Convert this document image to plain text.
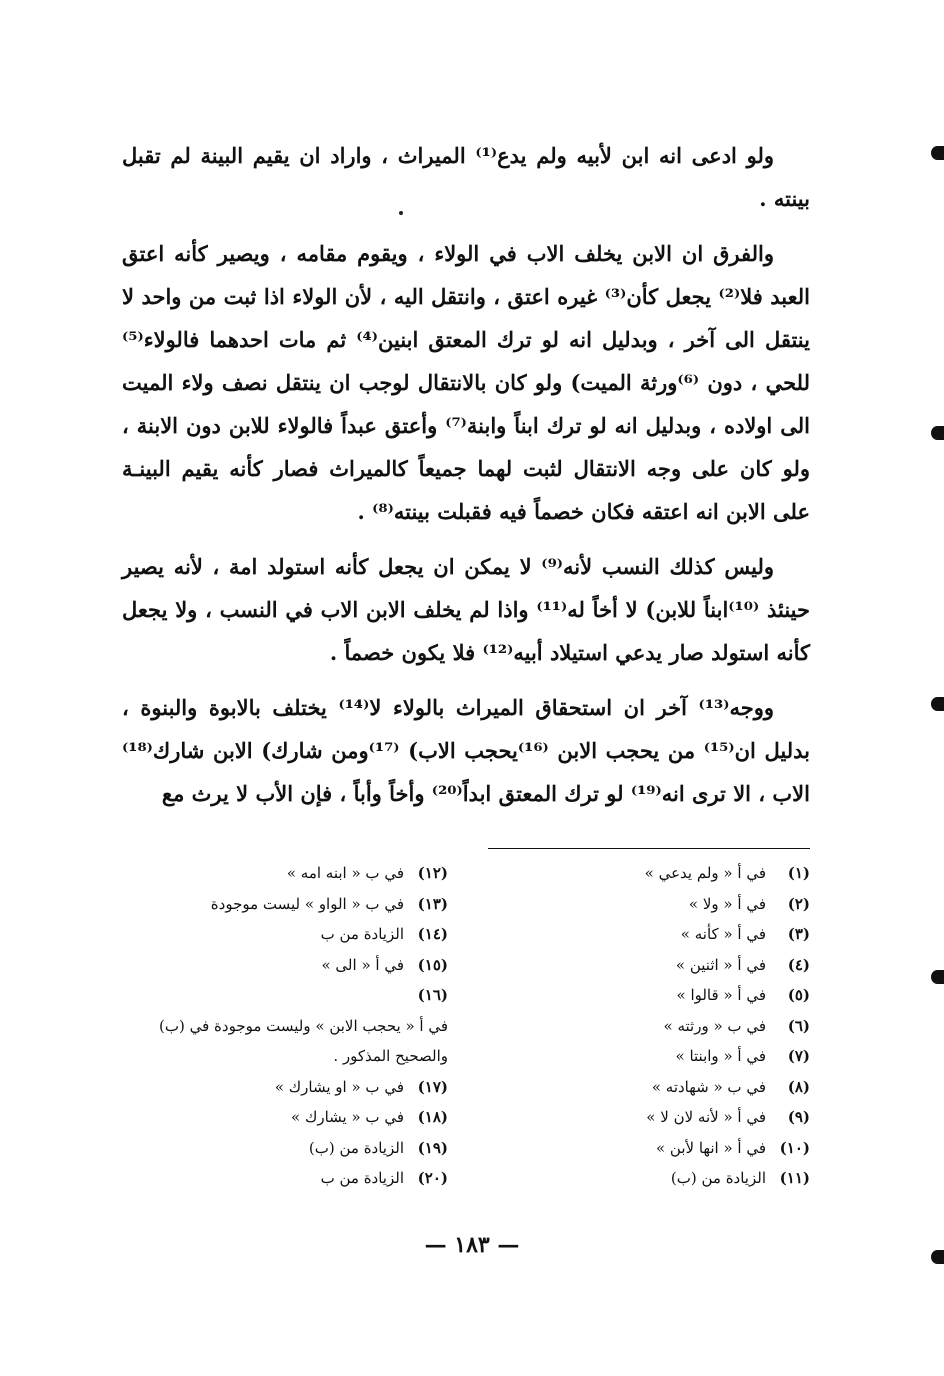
ولو ادعى انه ابن لأبيه ولم يدع⁽¹⁾ الميراث ، واراد ان يقيم البينة لم تقبل بينته .

والفرق ان الابن يخلف الاب في الولاء ، ويقوم مقامه ، ويصير كأنه اعتق العبد فلا⁽²⁾ يجعل كأن⁽³⁾ غيره اعتق ، وانتقل اليه ، لأن الولاء اذا ثبت من واحد لا ينتقل الى آخر ، وبدليل انه لو ترك المعتق ابنين⁽⁴⁾ ثم مات احدهما فالولاء⁽⁵⁾ للحي ، دون ⁽⁶⁾ورثة الميت) ولو كان بالانتقال لوجب ان ينتقل نصف ولاء الميت الى اولاده ، وبدليل انه لو ترك ابناً وابنة⁽⁷⁾ وأعتق عبداً فالولاء للابن دون الابنة ، ولو كان على وجه الانتقال لثبت لهما جميعاً كالميراث فصار كأنه يقيم البينـة على الابن انه اعتقه فكان خصماً فيه فقبلت بينته⁽⁸⁾ .

وليس كذلك النسب لأنه⁽⁹⁾ لا يمكن ان يجعل كأنه استولد امة ، لأنه يصير حينئذ ⁽¹⁰⁾ابناً للابن) لا أخاً له⁽¹¹⁾ واذا لم يخلف الابن الاب في النسب ، ولا يجعل كأنه استولد صار يدعي استيلاد أبيه⁽¹²⁾ فلا يكون خصماً .

ووجه⁽¹³⁾ آخر ان استحقاق الميراث بالولاء لا⁽¹⁴⁾ يختلف بالابوة والبنوة ، بدليل ان⁽¹⁵⁾ من يحجب الابن ⁽¹⁶⁾يحجب الاب) ⁽¹⁷⁾ومن شارك) الابن شارك⁽¹⁸⁾ الاب ، الا ترى انه⁽¹⁹⁾ لو ترك المعتق ابداً⁽²⁰⁾ وأخاً وأباً ، فإن الأب لا يرث مع

(١)
في أ « ولم يدعي »
(٢)
في أ « ولا »
(٣)
في أ « كأنه »
(٤)
في أ « اثنين »
(٥)
في أ « قالوا »
(٦)
في ب « ورثته »
(٧)
في أ « وابنتا »
(٨)
في ب « شهادته »
(٩)
في أ « لأنه لان لا »
(١٠)
في أ « انها لأبن »
(١١)
الزيادة من (ب)
(١٢)
في ب « ابنه امه »
(١٣)
في ب « الواو » ليست موجودة
(١٤)
الزيادة من ب
(١٥)
في أ « الى »
(١٦)
في أ « يحجب الابن » وليست موجودة في (ب) والصحيح المذكور .
(١٧)
في ب « او يشارك »
(١٨)
في ب « يشارك »
(١٩)
الزيادة من (ب)
(٢٠)
الزيادة من ب
— ١٨٣ —
